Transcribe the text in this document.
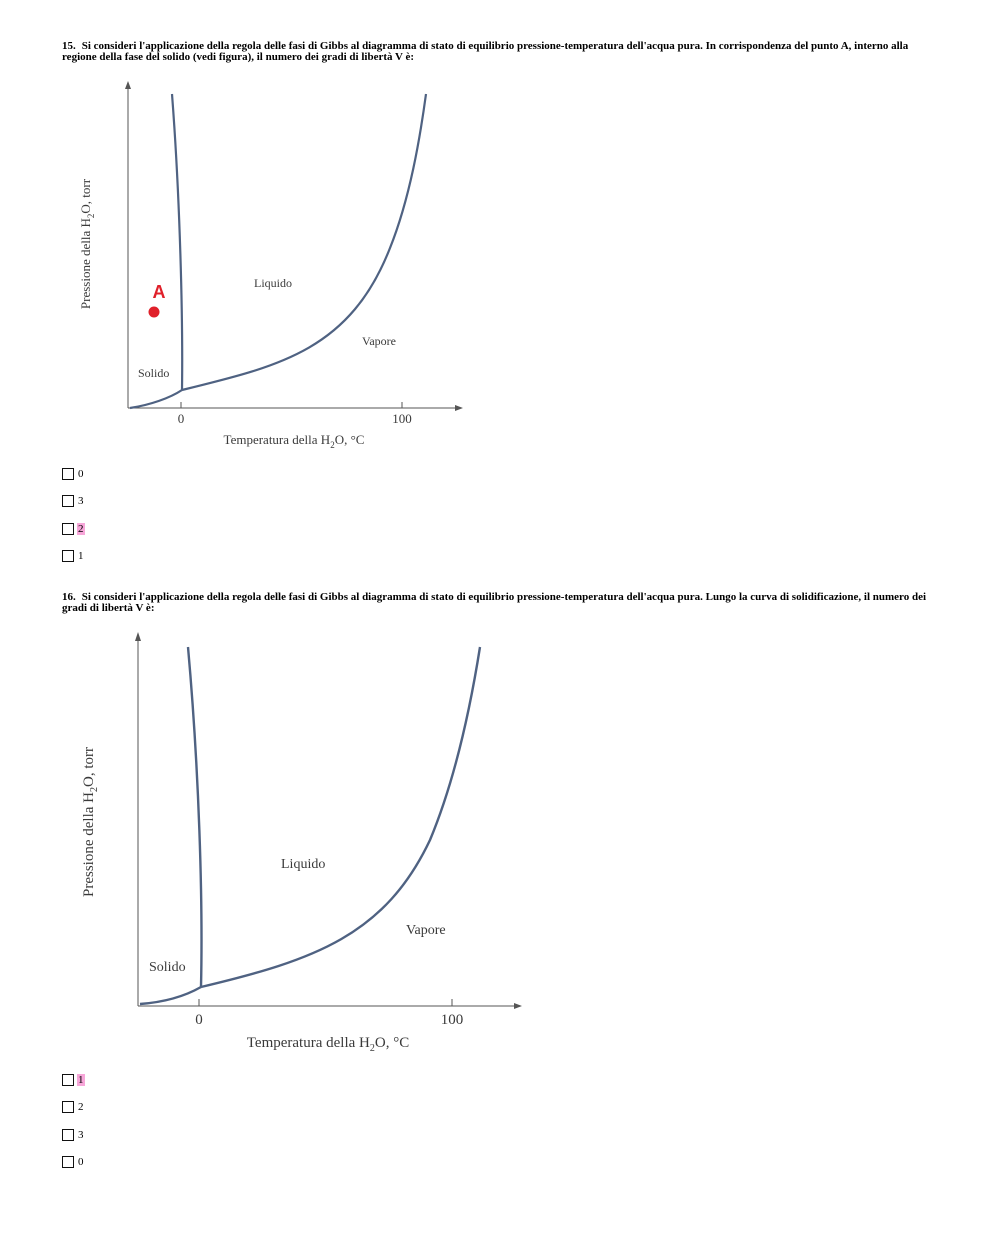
15. Si consideri l'applicazione della regola delle fasi di Gibbs al diagramma di stato di equilibrio pressione-temperatura dell'acqua pura. In corrispondenza del punto A, interno alla regione della fase del solido (vedi figura), il numero dei gradi di libertà V è:

A	Liquido
Vapore
Solido
0	100
Temperatura della $H_2O$, °C
Pressione della $H_2O$, torr
0
3
2
1

16. Si consideri l'applicazione della regola delle fasi di Gibbs al diagramma di stato di equilibrio pressione-temperatura dell'acqua pura. Lungo la curva di solidificazione, il numero dei gradi di libertà V è:

Liquido
Vapore
Solido
0	100
Temperatura della $H_2O$, °C
Pressione della $H_2O$, torr
1
2
3
0
